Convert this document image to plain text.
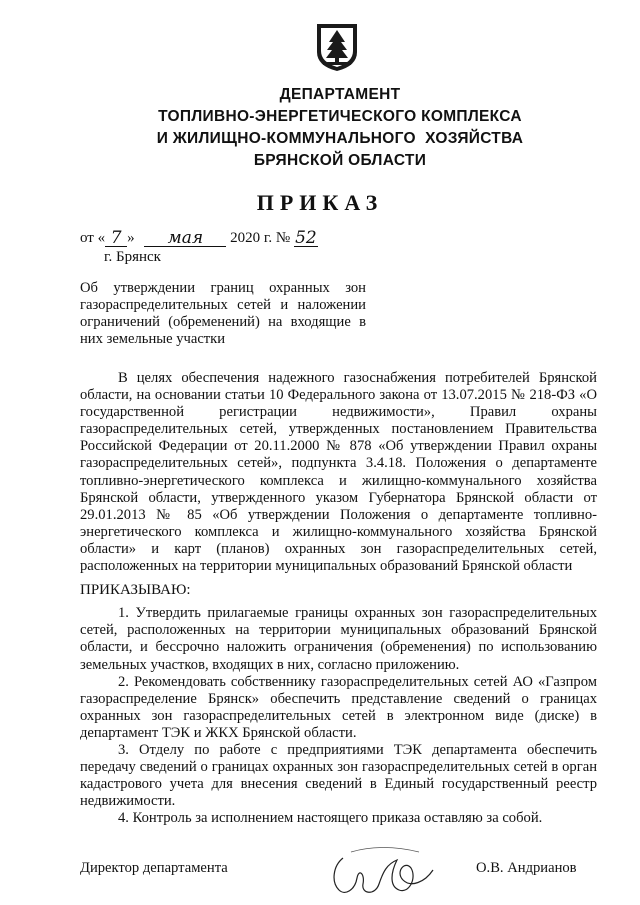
ДЕПАРТАМЕНТ
ТОПЛИВНО-ЭНЕРГЕТИЧЕСКОГО КОМПЛЕКСА
И ЖИЛИЩНО-КОММУНАЛЬНОГО  ХОЗЯЙСТВА
БРЯНСКОЙ ОБЛАСТИ
ПРИКАЗ
от « 7 » мая 2020 г. № 52
г. Брянск
Об утверждении границ охранных зон газораспределительных сетей и наложении ограничений (обременений) на входящие в них земельные участки

В целях обеспечения надежного газоснабжения потребителей Брянской области, на основании статьи 10 Федерального закона от 13.07.2015 № 218-ФЗ «О государственной регистрации недвижимости», Правил охраны газораспределительных сетей, утвержденных постановлением Правительства Российской Федерации от 20.11.2000 № 878 «Об утверждении Правил охраны газораспределительных сетей», подпункта 3.4.18. Положения о департаменте топливно-энергетического комплекса и жилищно-коммунального хозяйства Брянской области, утвержденного указом Губернатора Брянской области от 29.01.2013 № 85 «Об утверждении Положения о департаменте топливно-энергетического комплекса и жилищно-коммунального хозяйства Брянской области» и карт (планов) охранных зон газораспределительных сетей, расположенных на территории муниципальных образований Брянской области

ПРИКАЗЫВАЮ:

1. Утвердить прилагаемые границы охранных зон газораспределительных сетей, расположенных на территории муниципальных образований Брянской области, и бессрочно наложить ограничения (обременения) по использованию земельных участков, входящих в них, согласно приложению.

2. Рекомендовать собственнику газораспределительных сетей АО «Газпром газораспределение Брянск» обеспечить представление сведений о границах охранных зон газораспределительных сетей в электронном виде (диске) в департамент ТЭК и ЖКХ Брянской области.

3. Отделу по работе с предприятиями ТЭК департамента обеспечить передачу сведений о границах охранных зон газораспределительных сетей в орган кадастрового учета для внесения сведений в Единый государственный реестр недвижимости.

4. Контроль за исполнением настоящего приказа оставляю за собой.

Директор департамента	О.В. Андрианов
